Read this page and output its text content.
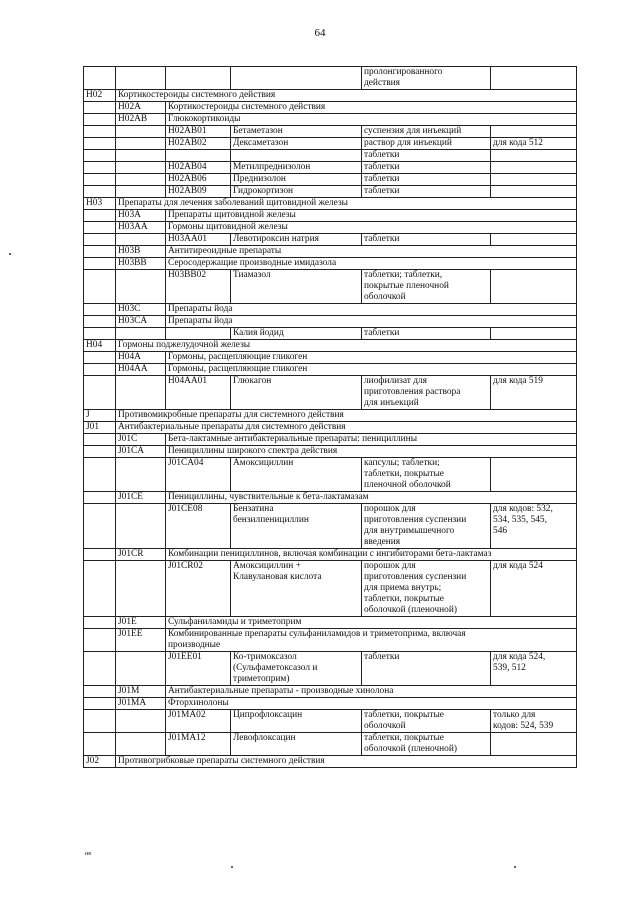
64
				пролонгированного
действия	
H02	Кортикостероиды системного действия				
	H02A	Кортикостероиды системного действия			
	H02AB	Глюкокортикоиды			
		H02AB01	Бетаметазон	суспензия для инъекций	
		H02AB02	Дексаметазон	раствор для инъекций	для кода 512
				таблетки	
		H02AB04	Метилпреднизолон	таблетки	
		H02AB06	Преднизолон	таблетки	
		H02AB09	Гидрокортизон	таблетки	
H03	Препараты для лечения заболеваний щитовидной железы				
	H03A	Препараты щитовидной железы			
	H03AA	Гормоны щитовидной железы			
		H03AA01	Левотироксин натрия	таблетки	
	H03B	Антитиреоидные препараты			
	H03BB	Серосодержащие производные имидазола			
		H03BB02	Тиамазол	таблетки; таблетки,
покрытые пленочной
оболочкой	
	H03C	Препараты йода			
	H03CA	Препараты йода			
			Калия йодид	таблетки	
H04	Гормоны поджелудочной железы				
	H04A	Гормоны, расщепляющие гликоген			
	H04AA	Гормоны, расщепляющие гликоген			
		H04AA01	Глюкагон	лиофилизат для
приготовления раствора
для инъекций	для кода 519
J	Противомикробные препараты для системного действия				
J01	Антибактериальные препараты для системного действия				
	J01C	Бета-лактамные антибактериальные препараты: пенициллины			
	J01CA	Пенициллины широкого спектра действия			
		J01CA04	Амоксициллин	капсулы; таблетки;
таблетки, покрытые
пленочной оболочкой	
	J01CE	Пенициллины, чувствительные к бета-лактамазам			
		J01CE08	Бензатина
бензилпенициллин	порошок для
приготовления суспензии
для внутримышечного
введения	для кодов: 532,
534, 535, 545,
546
	J01CR	Комбинации пенициллинов, включая комбинации с ингибиторами бета-лактамаз			
		J01CR02	Амоксициллин +
Клавулановая кислота	порошок для
приготовления суспензии
для приема внутрь;
таблетки, покрытые
оболочкой (пленочной)	для кода 524
	J01E	Сульфаниламиды и триметоприм			
	J01EE	Комбинированные препараты сульфаниламидов и триметоприма, включая
производные			
		J01EE01	Ко-тримоксазол
(Сульфаметоксазол и
триметоприм)	таблетки	для кода 524,
539, 512
	J01M	Антибактериальные препараты - производные хинолона			
	J01MA	Фторхинолоны			
		J01MA02	Ципрофлоксацин	таблетки, покрытые
оболочкой	только для
кодов: 524, 539
		J01MA12	Левофлоксацин	таблетки, покрытые
оболочкой (пленочной)	
J02	Противогрибковые препараты системного действия				
нв
